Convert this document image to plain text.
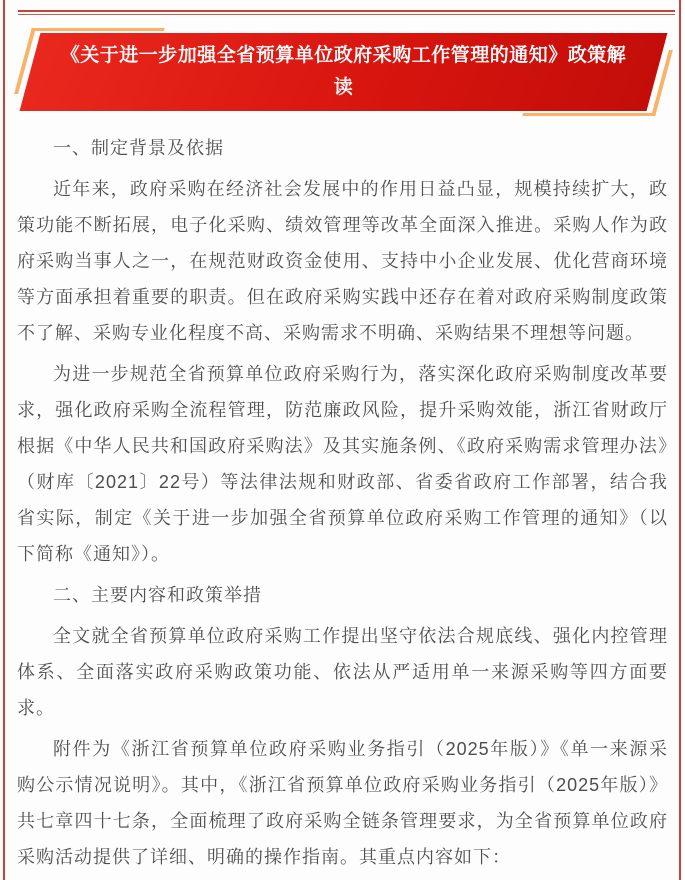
《关于进一步加强全省预算单位政府采购工作管理的通知》政策解读

一、制定背景及依据

近年来，政府采购在经济社会发展中的作用日益凸显，规模持续扩大，政策功能不断拓展，电子化采购、绩效管理等改革全面深入推进。采购人作为政府采购当事人之一，在规范财政资金使用、支持中小企业发展、优化营商环境等方面承担着重要的职责。但在政府采购实践中还存在着对政府采购制度政策不了解、采购专业化程度不高、采购需求不明确、采购结果不理想等问题。

为进一步规范全省预算单位政府采购行为，落实深化政府采购制度改革要求，强化政府采购全流程管理，防范廉政风险，提升采购效能，浙江省财政厅根据《中华人民共和国政府采购法》及其实施条例、《政府采购需求管理办法》（财库〔2021〕22号）等法律法规和财政部、省委省政府工作部署，结合我省实际，制定《关于进一步加强全省预算单位政府采购工作管理的通知》（以下简称《通知》）。

二、主要内容和政策举措

全文就全省预算单位政府采购工作提出坚守依法合规底线、强化内控管理体系、全面落实政府采购政策功能、依法从严适用单一来源采购等四方面要求。

附件为《浙江省预算单位政府采购业务指引（2025年版）》《单一来源采购公示情况说明》。其中，《浙江省预算单位政府采购业务指引（2025年版）》共七章四十七条，全面梳理了政府采购全链条管理要求，为全省预算单位政府采购活动提供了详细、明确的操作指南。其重点内容如下：
